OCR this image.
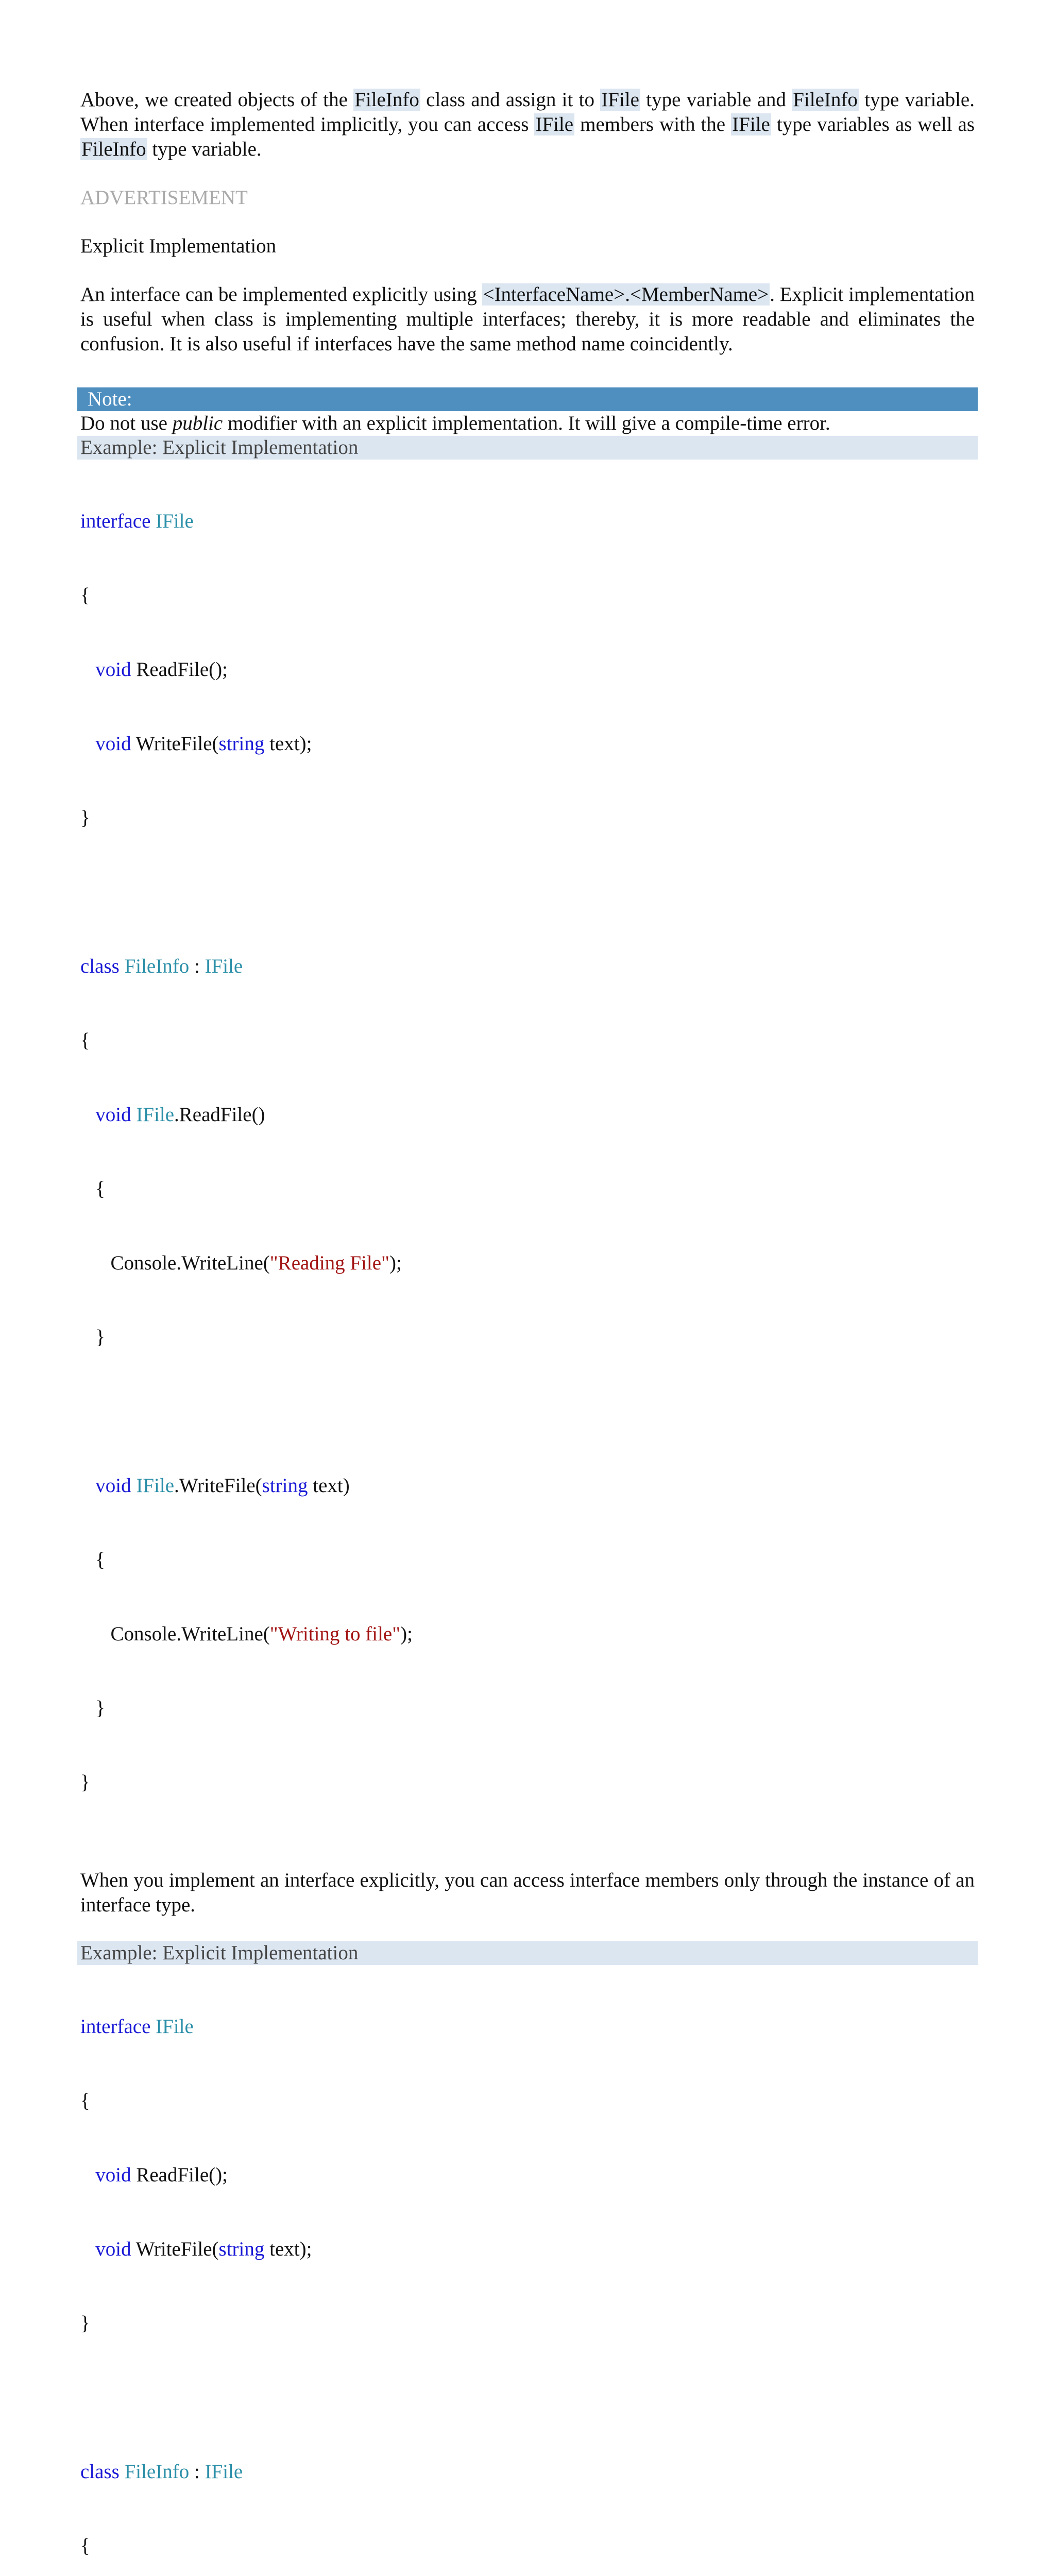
Above, we created objects of the FileInfo class and assign it to IFile type variable and FileInfo type variable. When interface implemented implicitly, you can access IFile members with the IFile type variables as well as FileInfo type variable.

ADVERTISEMENT
Explicit Implementation

An interface can be implemented explicitly using <InterfaceName>.<MemberName>. Explicit implementation is useful when class is implementing multiple interfaces; thereby, it is more readable and eliminates the confusion. It is also useful if interfaces have the same method name coincidently.

Note:
Do not use public modifier with an explicit implementation. It will give a compile-time error.
Example: Explicit Implementation

interface IFile

{

void ReadFile();

void WriteFile(string text);

}

class FileInfo : IFile

{

void IFile.ReadFile()

{

Console.WriteLine("Reading File");

}

void IFile.WriteFile(string text)

{

Console.WriteLine("Writing to file");

}

}

When you implement an interface explicitly, you can access interface members only through the instance of an interface type.

Example: Explicit Implementation

interface IFile

{

void ReadFile();

void WriteFile(string text);

}

class FileInfo : IFile

{
